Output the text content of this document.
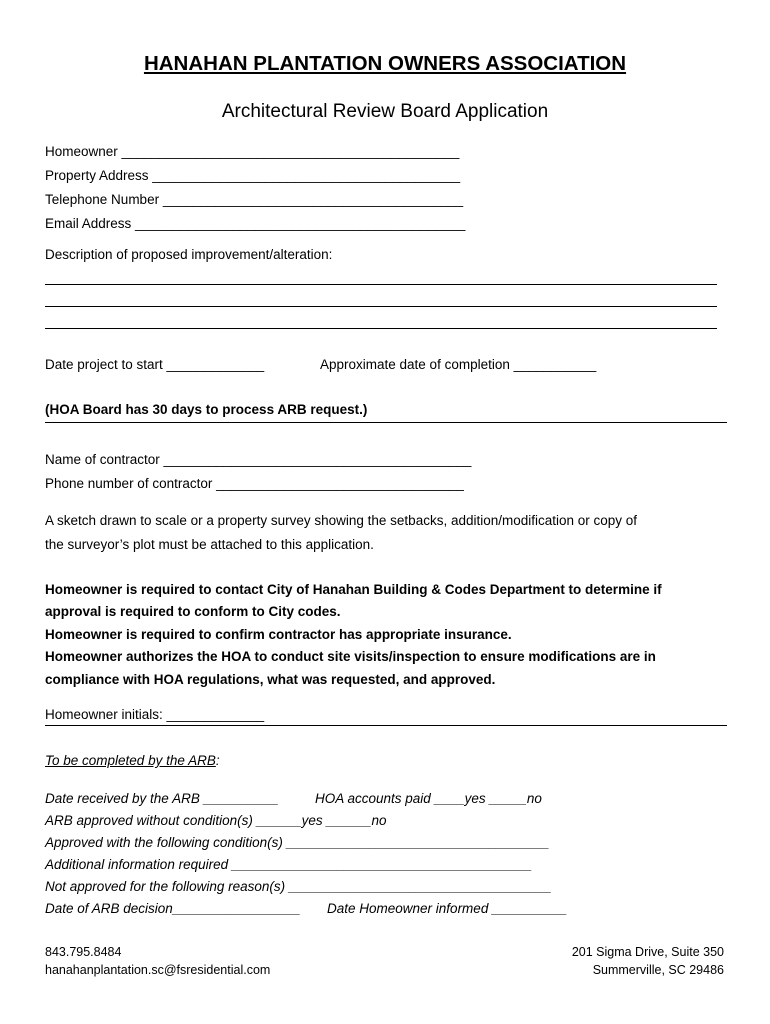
HANAHAN PLANTATION OWNERS ASSOCIATION
Architectural Review Board Application
Homeowner _____________________________________________
Property Address _________________________________________
Telephone Number ________________________________________
Email Address ____________________________________________
Description of proposed improvement/alteration:
Date project to start _____________	Approximate date of completion ___________
(HOA Board has 30 days to process ARB request.)
Name of contractor _________________________________________
Phone number of contractor _________________________________
A sketch drawn to scale or a property survey showing the setbacks, addition/modification or copy of
the surveyor’s plot must be attached to this application.
Homeowner is required to contact City of Hanahan Building & Codes Department to determine if
approval is required to conform to City codes.
Homeowner is required to confirm contractor has appropriate insurance.
Homeowner authorizes the HOA to conduct site visits/inspection to ensure modifications are in
compliance with HOA regulations, what was requested, and approved.
Homeowner initials: _____________
To be completed by the ARB:
Date received by the ARB __________	HOA accounts paid ____yes _____no
ARB approved without condition(s) ______yes ______no
Approved with the following condition(s) ___________________________________
Additional information required ________________________________________
Not approved for the following reason(s) ___________________________________
Date of ARB decision_________________ Date Homeowner informed __________
843.795.8484
hanahanplantation.sc@fsresidential.com
201 Sigma Drive, Suite 350
Summerville, SC 29486
